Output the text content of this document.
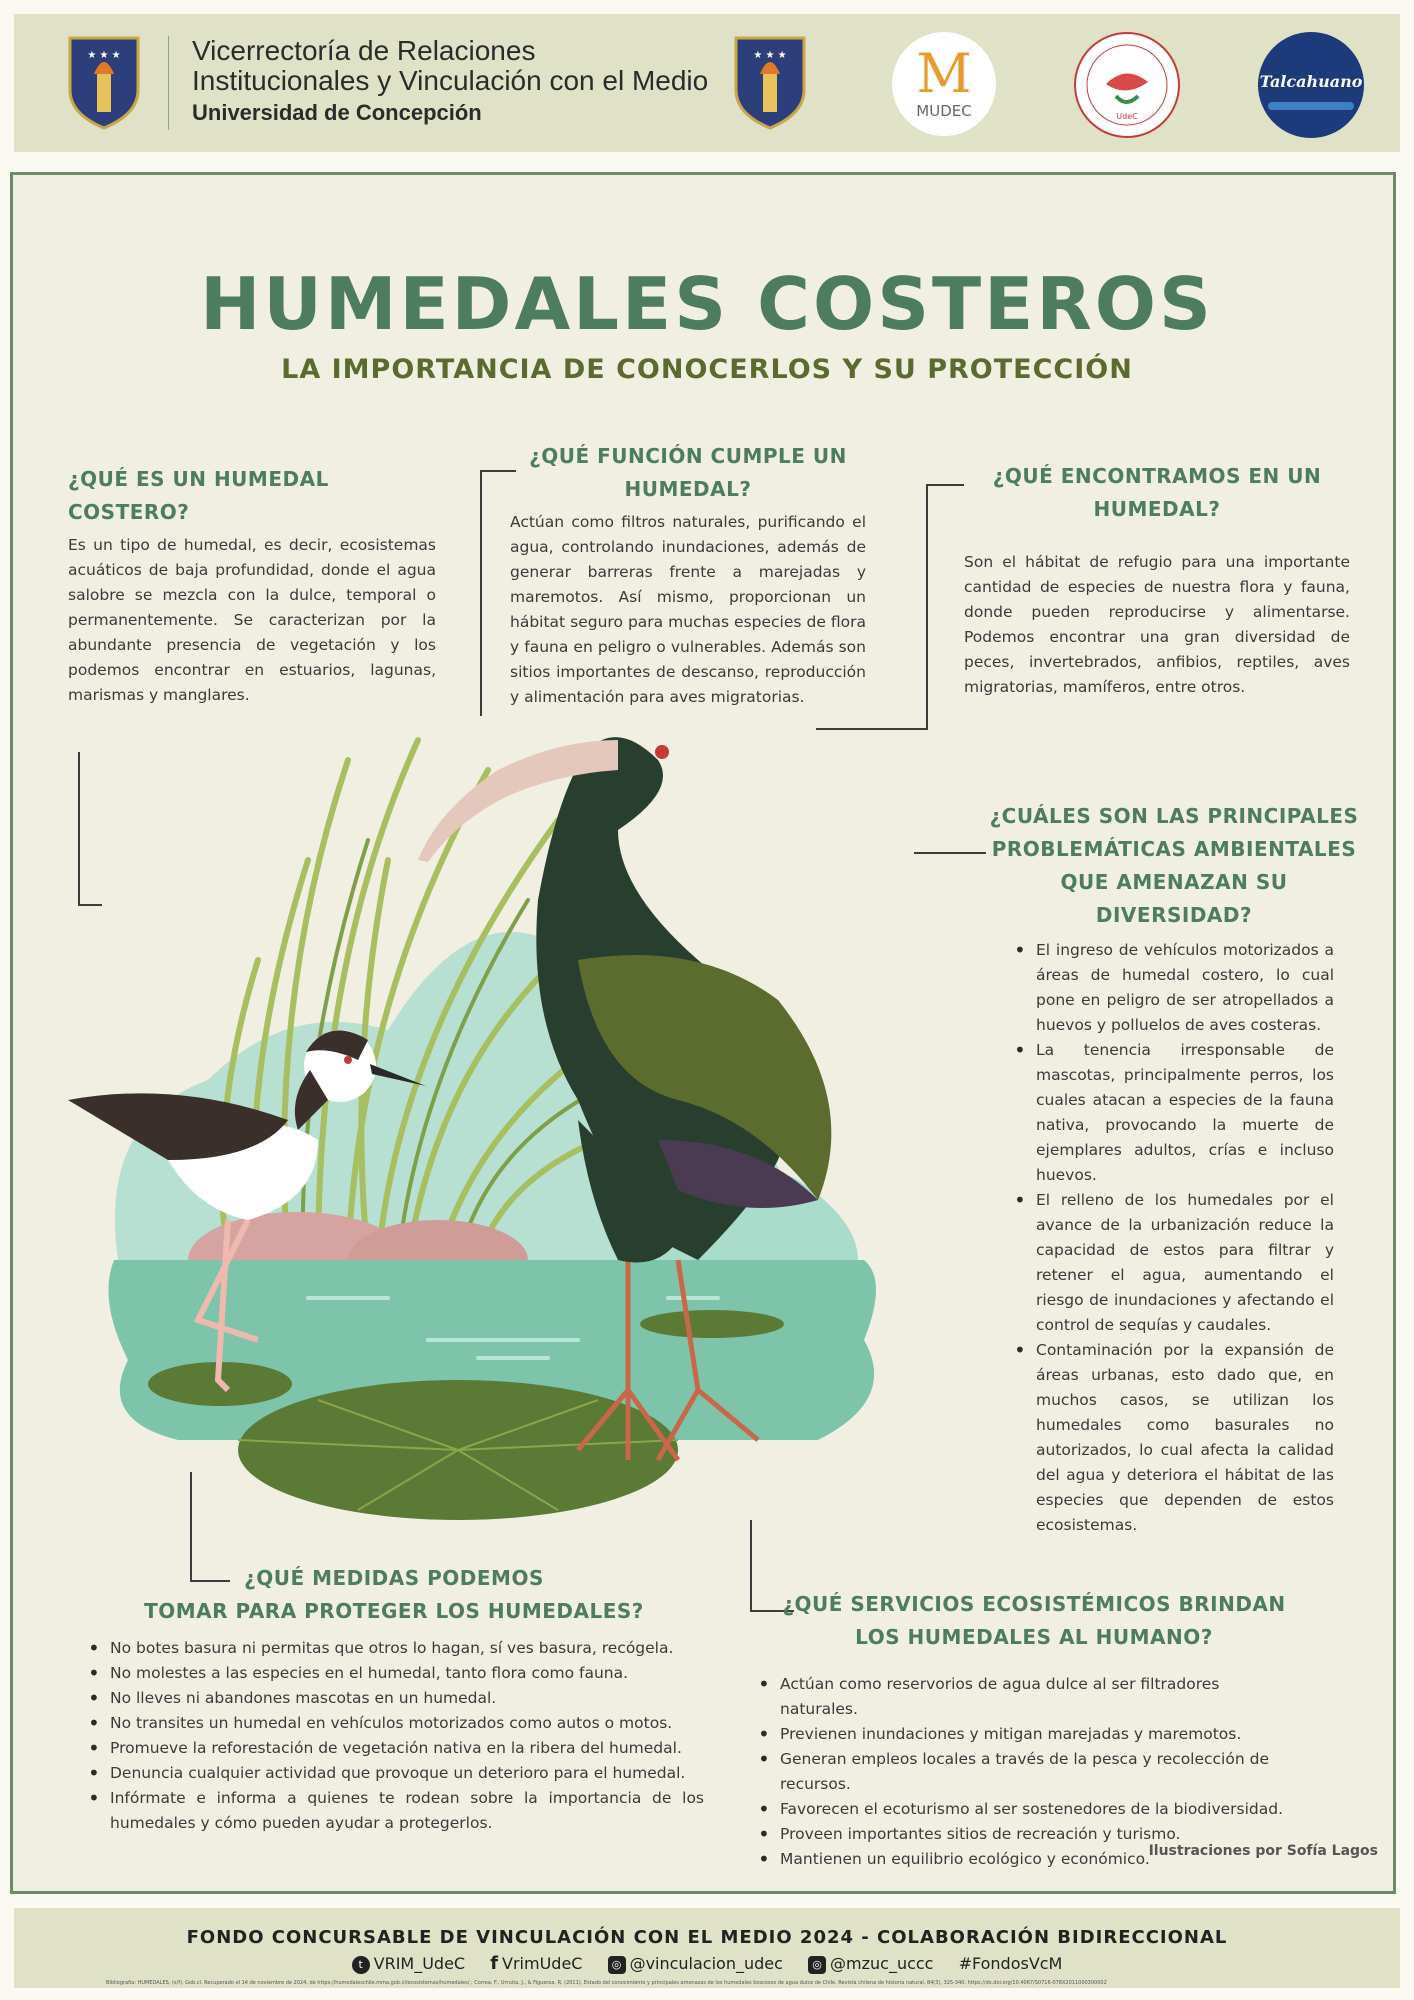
★ ★ ★	Vicerrectoría de Relaciones
Institucionales y Vinculación con el Medio
Universidad de Concepción
★ ★ ★	M
MUDEC	UdeC
Talcahuano
HUMEDALES COSTEROS
LA IMPORTANCIA DE CONOCERLOS Y SU PROTECCIÓN
¿QUÉ ES UN HUMEDAL COSTERO?
Es un tipo de humedal, es decir, ecosistemas acuáticos de baja profundidad, donde el agua salobre se mezcla con la dulce, temporal o permanentemente. Se caracterizan por la abundante presencia de vegetación y los podemos encontrar en estuarios, lagunas, marismas y manglares.
¿QUÉ FUNCIÓN CUMPLE UN
HUMEDAL?
Actúan como filtros naturales, purificando el agua, controlando inundaciones, además de generar barreras frente a marejadas y maremotos. Así mismo, proporcionan un hábitat seguro para muchas especies de flora y fauna en peligro o vulnerables. Además son sitios importantes de descanso, reproducción y alimentación para aves migratorias.
¿QUÉ ENCONTRAMOS EN UN
HUMEDAL?
Son el hábitat de refugio para una importante cantidad de especies de nuestra flora y fauna, donde pueden reproducirse y alimentarse. Podemos encontrar una gran diversidad de peces, invertebrados, anfibios, reptiles, aves migratorias, mamíferos, entre otros.
¿CUÁLES SON LAS PRINCIPALES
PROBLEMÁTICAS AMBIENTALES
QUE AMENAZAN SU DIVERSIDAD?
• El ingreso de vehículos motorizados a áreas de humedal costero, lo cual pone en peligro de ser atropellados a huevos y polluelos de aves costeras.
• La tenencia irresponsable de mascotas, principalmente perros, los cuales atacan a especies de la fauna nativa, provocando la muerte de ejemplares adultos, crías e incluso huevos.
• El relleno de los humedales por el avance de la urbanización reduce la capacidad de estos para filtrar y retener el agua, aumentando el riesgo de inundaciones y afectando el control de sequías y caudales.
• Contaminación por la expansión de áreas urbanas, esto dado que, en muchos casos, se utilizan los humedales como basurales no autorizados, lo cual afecta la calidad del agua y deteriora el hábitat de las especies que dependen de estos ecosistemas.
¿QUÉ MEDIDAS PODEMOS
TOMAR PARA PROTEGER LOS HUMEDALES?
• No botes basura ni permitas que otros lo hagan, sí ves basura, recógela.
• No molestes a las especies en el humedal, tanto flora como fauna.
• No lleves ni abandones mascotas en un humedal.
• No transites un humedal en vehículos motorizados como autos o motos.
• Promueve la reforestación de vegetación nativa en la ribera del humedal.
• Denuncia cualquier actividad que provoque un deterioro para el humedal.
• Infórmate e informa a quienes te rodean sobre la importancia de los humedales y cómo pueden ayudar a protegerlos.
¿QUÉ SERVICIOS ECOSISTÉMICOS BRINDAN
LOS HUMEDALES AL HUMANO?
• Actúan como reservorios de agua dulce al ser filtradores naturales.
• Previenen inundaciones y mitigan marejadas y maremotos.
• Generan empleos locales a través de la pesca y recolección de recursos.
• Favorecen el ecoturismo al ser sostenedores de la biodiversidad.
• Proveen importantes sitios de recreación y turismo.
• Mantienen un equilibrio ecológico y económico.
Ilustraciones por Sofía Lagos
FONDO CONCURSABLE DE VINCULACIÓN CON EL MEDIO 2024 - COLABORACIÓN BIDIRECCIONAL
t VRIM_UdeC f VrimUdeC	◎ @vinculacion_udec	◎ @mzuc_uccc #FondosVcM
Bibliografía: HUMEDALES. (s/f). Gob.cl. Recuperado el 14 de noviembre de 2024, de https://humedaleschile.mma.gob.cl/ecosistemas/humedales/ ; Correa, F., Urrutia, J., & Figueroa, R. (2011). Estado del conocimiento y principales amenazas de los humedales boscosos de agua dulce de Chile. Revista chilena de historia natural, 84(3), 325-340. https://dx.doi.org/10.4067/S0716-078X2011000300002
